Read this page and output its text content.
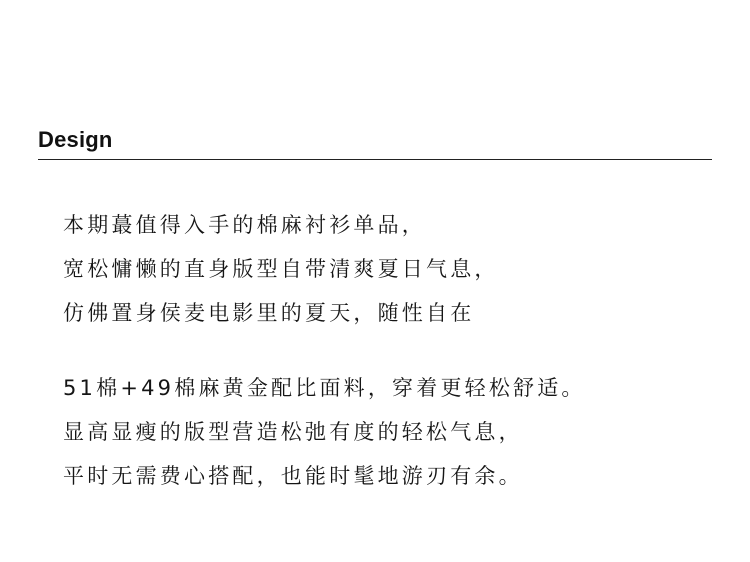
Design
本期蕞值得入手的棉麻衬衫单品，
宽松慵懒的直身版型自带清爽夏日气息，
仿佛置身侯麦电影里的夏天，随性自在
51棉+49棉麻黄金配比面料，穿着更轻松舒适。
显高显瘦的版型营造松弛有度的轻松气息，
平时无需费心搭配，也能时髦地游刃有余。
